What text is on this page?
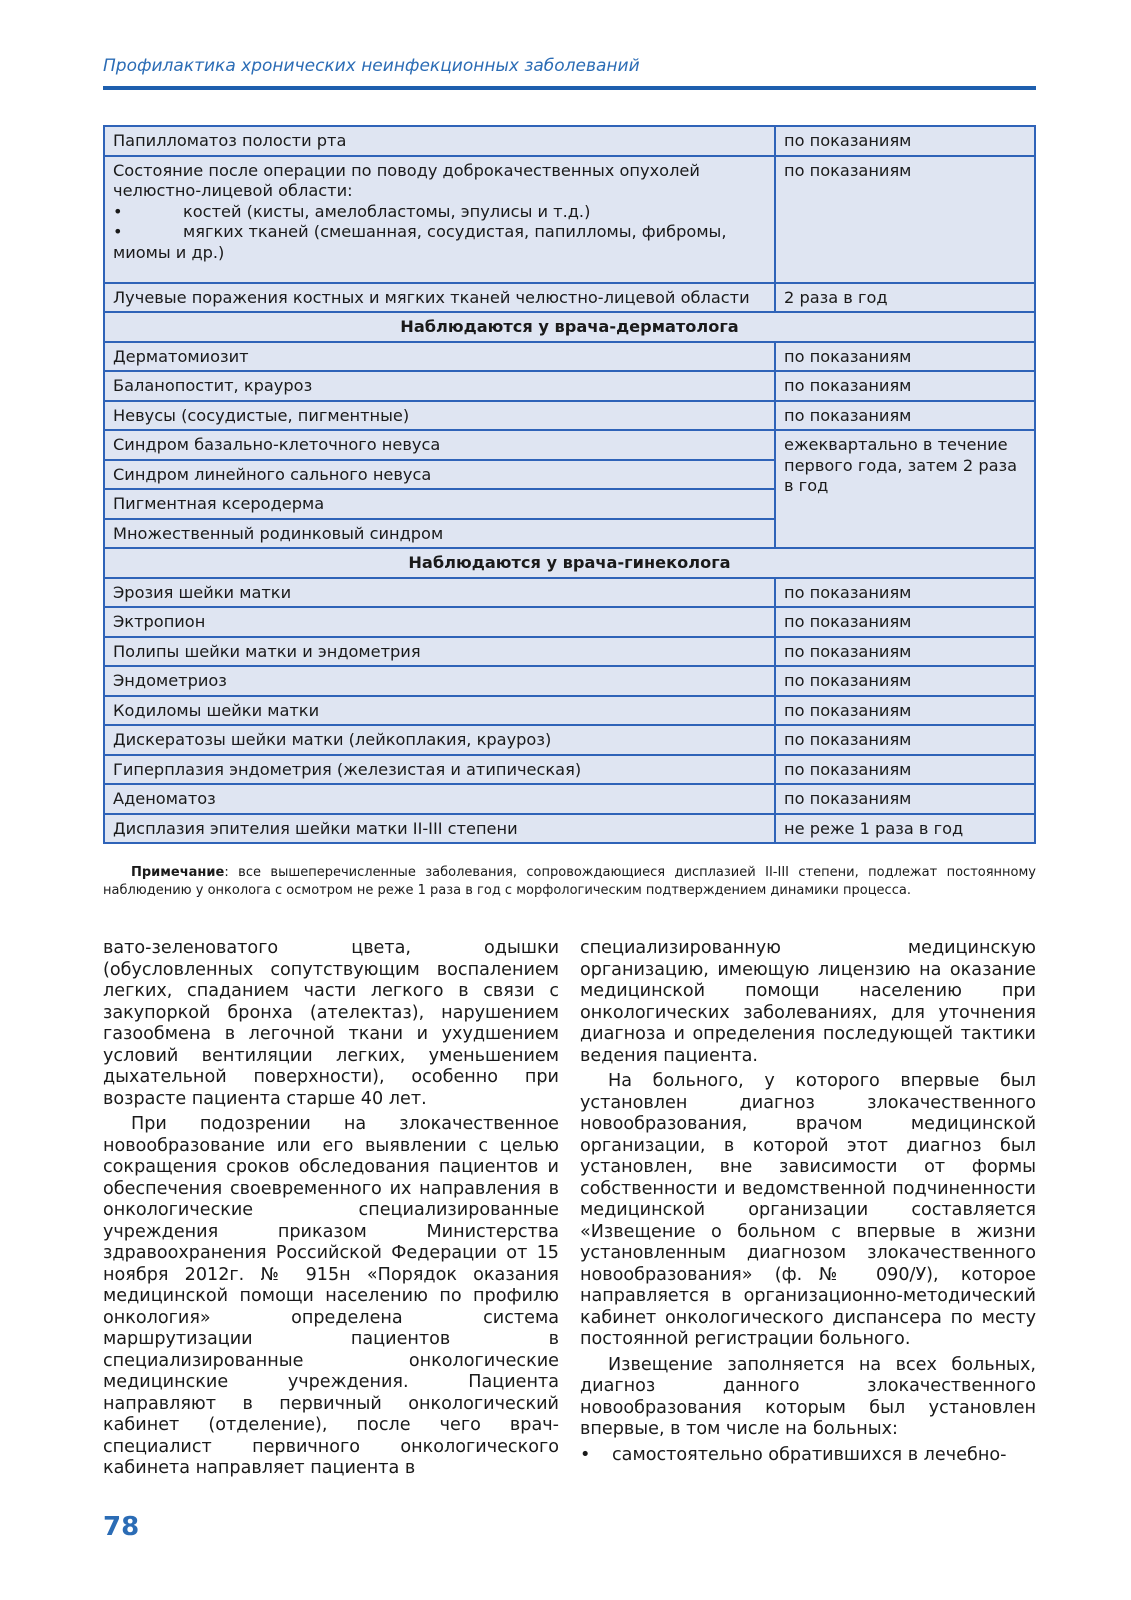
Профилактика хронических неинфекционных заболеваний
Папилломатоз полости рта	по показаниям

Состояние после операции по поводу доброкачественных опухолей челюстно-лицевой области:
• костей (кисты, амелобластомы, эпулисы и т.д.)
• мягких тканей (смешанная, сосудистая, папилломы, фибромы, миомы и др.)	по показаниям
Лучевые поражения костных и мягких тканей челюстно-лицевой области	2 раза в год
Наблюдаются у врача-дерматолога	
Дерматомиозит	по показаниям
Баланопостит, крауроз	по показаниям
Невусы (сосудистые, пигментные)	по показаниям
Синдром базально-клеточного невуса	ежеквартально в течение первого года, затем 2 раза в год
Синдром линейного сального невуса	
Пигментная ксеродерма	
Множественный родинковый синдром	
Наблюдаются у врача-гинеколога	
Эрозия шейки матки	по показаниям
Эктропион	по показаниям
Полипы шейки матки и эндометрия	по показаниям
Эндометриоз	по показаниям
Кодиломы шейки матки	по показаниям
Дискератозы шейки матки (лейкоплакия, крауроз)	по показаниям
Гиперплазия эндометрия (железистая и атипическая)	по показаниям
Аденоматоз	по показаниям
Дисплазия эпителия шейки матки II-III степени	не реже 1 раза в год
Примечание: все вышеперечисленные заболевания, сопровождающиеся дисплазией II-III степени, подлежат постоянному наблюдению у онколога с осмотром не реже 1 раза в год с морфологическим подтверждением динамики процесса.

вато-зеленоватого цвета, одышки (обусловленных сопутствующим воспалением легких, спаданием части легкого в связи с закупоркой бронха (ателектаз), нарушением газообмена в легочной ткани и ухудшением условий вентиляции легких, уменьшением дыхательной поверхности), особенно при возрасте пациента старше 40 лет.

При подозрении на злокачественное новообразование или его выявлении с целью сокращения сроков обследования пациентов и обеспечения своевременного их направления в онкологические специализированные учреждения приказом Министерства здравоохранения Российской Федерации от 15 ноября 2012г. № 915н «Порядок оказания медицинской помощи населению по профилю онкология» определена система маршрутизации пациентов в специализированные онкологические медицинские учреждения. Пациента направляют в первичный онкологический кабинет (отделение), после чего врач-специалист первичного онкологического кабинета направляет пациента в

специализированную медицинскую организацию, имеющую лицензию на оказание медицинской помощи населению при онкологических заболеваниях, для уточнения диагноза и определения последующей тактики ведения пациента.

На больного, у которого впервые был установлен диагноз злокачественного новообразования, врачом медицинской организации, в которой этот диагноз был установлен, вне зависимости от формы собственности и ведомственной подчиненности медицинской организации составляется «Извещение о больном с впервые в жизни установленным диагнозом злокачественного новообразования» (ф.№ 090/У), которое направляется в организационно-методический кабинет онкологического диспансера по месту постоянной регистрации больного.

Извещение заполняется на всех больных, диагноз данного злокачественного новообразования которым был установлен впервые, в том числе на больных:

•	самостоятельно обратившихся в лечебно-
78
